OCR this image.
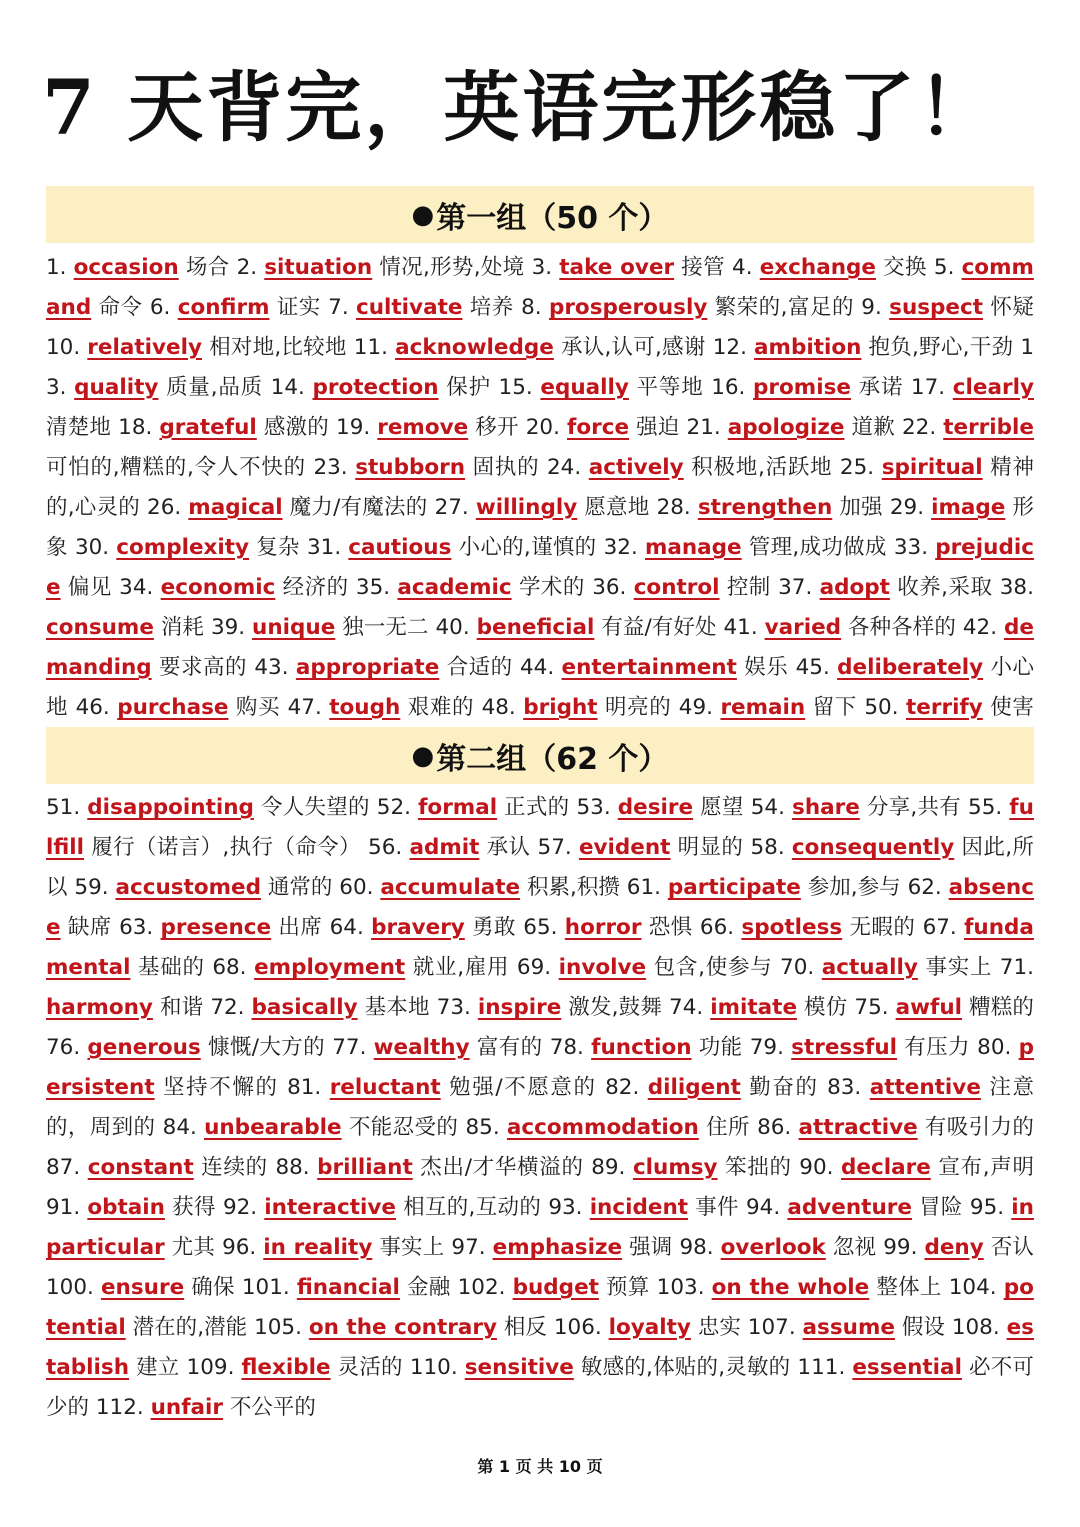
7 天背完，英语完形稳了！
● 第一组（50 个）
1. occasion 场合 2. situation 情况,形势,处境 3. take over 接管 4. exchange 交换 5. command 命令 6. confirm 证实 7. cultivate 培养 8. prosperously 繁荣的,富足的 9. suspect 怀疑 10. relatively 相对地,比较地 11. acknowledge 承认,认可,感谢 12. ambition 抱负,野心,干劲 13. quality 质量,品质 14. protection 保护 15. equally 平等地 16. promise 承诺 17. clearly 清楚地 18. grateful 感激的 19. remove 移开 20. force 强迫 21. apologize 道歉 22. terrible 可怕的,糟糕的,令人不快的 23. stubborn 固执的 24. actively 积极地,活跃地 25. spiritual 精神的,心灵的 26. magical 魔力/有魔法的 27. willingly 愿意地 28. strengthen 加强 29. image 形象 30. complexity 复杂 31. cautious 小心的,谨慎的 32. manage 管理,成功做成 33. prejudice 偏见 34. economic 经济的 35. academic 学术的 36. control 控制 37. adopt 收养,采取 38. consume 消耗 39. unique 独一无二 40. beneficial 有益/有好处 41. varied 各种各样的 42. demanding 要求高的 43. appropriate 合适的 44. entertainment 娱乐 45. deliberately 小心地 46. purchase 购买 47. tough 艰难的 48. bright 明亮的 49. remain 留下 50. terrify 使害
● 第二组（62 个）
51. disappointing 令人失望的 52. formal 正式的 53. desire 愿望 54. share 分享,共有 55. fulfill 履行（诺言）,执行（命令） 56. admit 承认 57. evident 明显的 58. consequently 因此,所以 59. accustomed 通常的 60. accumulate 积累,积攒 61. participate 参加,参与 62. absence 缺席 63. presence 出席 64. bravery 勇敢 65. horror 恐惧 66. spotless 无暇的 67. fundamental 基础的 68. employment 就业,雇用 69. involve 包含,使参与 70. actually 事实上 71. harmony 和谐 72. basically 基本地 73. inspire 激发,鼓舞 74. imitate 模仿 75. awful 糟糕的 76. generous 慷慨/大方的 77. wealthy 富有的 78. function 功能 79. stressful 有压力 80. persistent 坚持不懈的 81. reluctant 勉强/不愿意的 82. diligent 勤奋的 83. attentive 注意的，周到的 84. unbearable 不能忍受的 85. accommodation 住所 86. attractive 有吸引力的 87. constant 连续的 88. brilliant 杰出/才华横溢的 89. clumsy 笨拙的 90. declare 宣布,声明 91. obtain 获得 92. interactive 相互的,互动的 93. incident 事件 94. adventure 冒险 95. in particular 尤其 96. in reality 事实上 97. emphasize 强调 98. overlook 忽视 99. deny 否认 100. ensure 确保 101. financial 金融 102. budget 预算 103. on the whole 整体上 104. potential 潜在的,潜能 105. on the contrary 相反 106. loyalty 忠实 107. assume 假设 108. establish 建立 109. flexible 灵活的 110. sensitive 敏感的,体贴的,灵敏的 111. essential 必不可少的 112. unfair 不公平的
第 1 页 共 10 页
